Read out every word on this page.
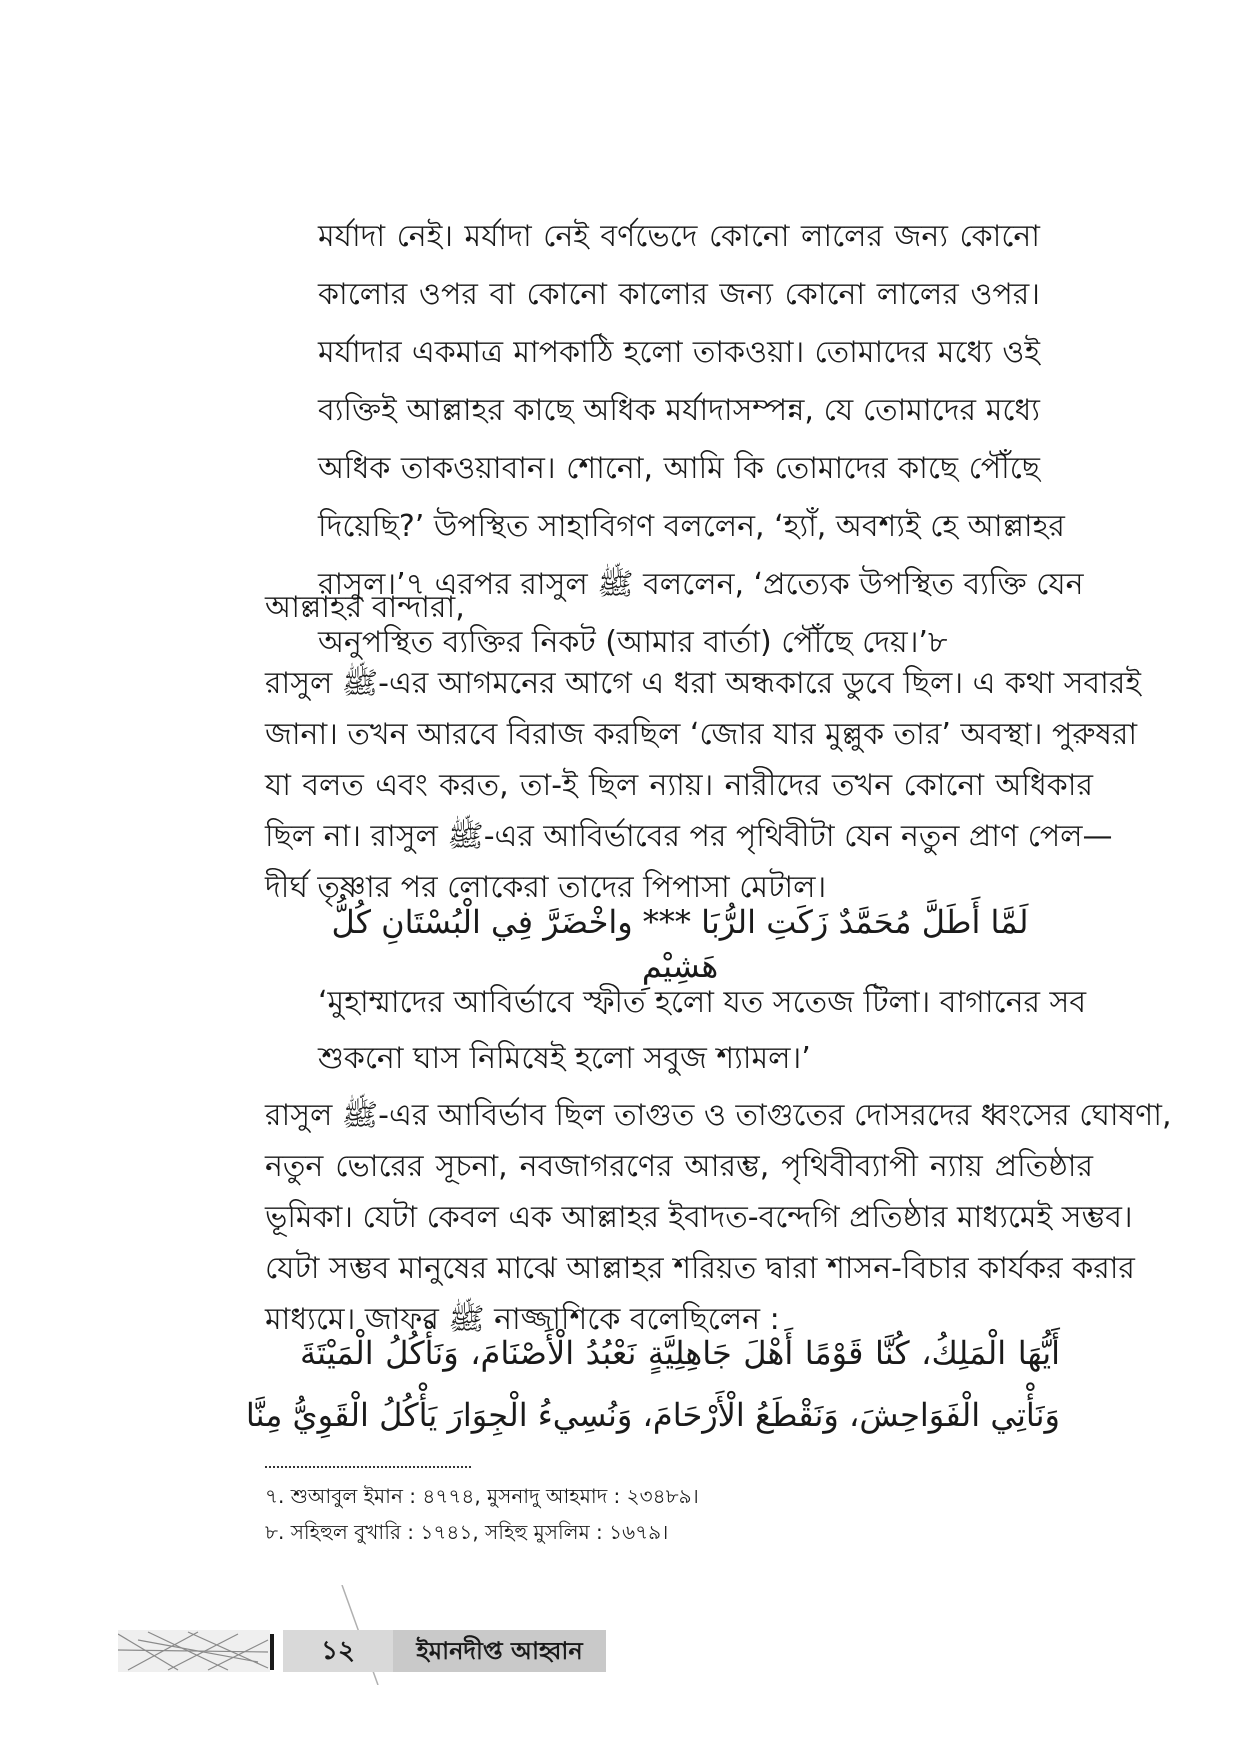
মর্যাদা নেই। মর্যাদা নেই বর্ণভেদে কোনো লালের জন্য কোনো
কালোর ওপর বা কোনো কালোর জন্য কোনো লালের ওপর।
মর্যাদার একমাত্র মাপকাঠি হলো তাকওয়া। তোমাদের মধ্যে ওই
ব্যক্তিই আল্লাহর কাছে অধিক মর্যাদাসম্পন্ন, যে তোমাদের মধ্যে
অধিক তাকওয়াবান। শোনো, আমি কি তোমাদের কাছে পৌঁছে
দিয়েছি?’ উপস্থিত সাহাবিগণ বললেন, ‘হ্যাঁ, অবশ্যই হে আল্লাহর
রাসুল।’৭ এরপর রাসুল ﷺ বললেন, ‘প্রত্যেক উপস্থিত ব্যক্তি যেন
অনুপস্থিত ব্যক্তির নিকট (আমার বার্তা) পৌঁছে দেয়।’৮

আল্লাহর বান্দারা,

রাসুল ﷺ-এর আগমনের আগে এ ধরা অন্ধকারে ডুবে ছিল। এ কথা সবারই
জানা। তখন আরবে বিরাজ করছিল ‘জোর যার মুল্লুক তার’ অবস্থা। পুরুষরা
যা বলত এবং করত, তা-ই ছিল ন্যায়। নারীদের তখন কোনো অধিকার
ছিল না। রাসুল ﷺ-এর আবির্ভাবের পর পৃথিবীটা যেন নতুন প্রাণ পেল—
দীর্ঘ তৃষ্ণার পর লোকেরা তাদের পিপাসা মেটাল।

لَمَّا أَطَلَّ مُحَمَّدٌ زَكَتِ الرُّبَا *** واخْضَرَّ فِي الْبُسْتَانِ كُلُّ هَشِيْمِ

‘মুহাম্মাদের আবির্ভাবে স্ফীত হলো যত সতেজ টিলা। বাগানের সব
শুকনো ঘাস নিমিষেই হলো সবুজ শ্যামল।’
রাসুল ﷺ-এর আবির্ভাব ছিল তাগুত ও তাগুতের দোসরদের ধ্বংসের ঘোষণা,
নতুন ভোরের সূচনা, নবজাগরণের আরম্ভ, পৃথিবীব্যাপী ন্যায় প্রতিষ্ঠার
ভূমিকা। যেটা কেবল এক আল্লাহর ইবাদত-বন্দেগি প্রতিষ্ঠার মাধ্যমেই সম্ভব।
যেটা সম্ভব মানুষের মাঝে আল্লাহর শরিয়ত দ্বারা শাসন-বিচার কার্যকর করার
মাধ্যমে। জাফর ﷺ নাজ্জাশিকে বলেছিলেন :
أَيُّهَا الْمَلِكُ، كُنَّا قَوْمًا أَهْلَ جَاهِلِيَّةٍ نَعْبُدُ الْأَصْنَامَ، وَنَأْكُلُ الْمَيْتَةَ
وَنَأْتِي الْفَوَاحِشَ، وَنَقْطَعُ الْأَرْحَامَ، وَنُسِيءُ الْجِوَارَ يَأْكُلُ الْقَوِيُّ مِنَّا
৭. শুআবুল ইমান : ৪৭৭৪, মুসনাদু আহমাদ : ২৩৪৮৯।
৮. সহিহুল বুখারি : ১৭৪১, সহিহু মুসলিম : ১৬৭৯।
১২	ইমানদীপ্ত আহ্বান
